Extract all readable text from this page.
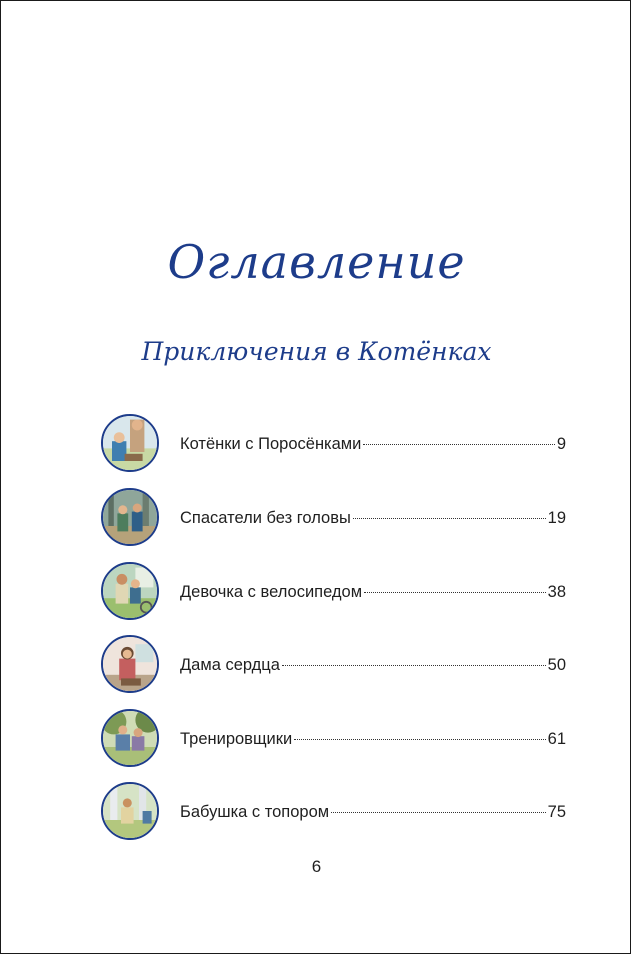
Оглавление
Приключения в Котёнках
Котёнки с Поросёнками	9
Спасатели без головы	19
Девочка с велосипедом	38
Дама сердца	50
Тренировщики	61
Бабушка с топором	75
6
